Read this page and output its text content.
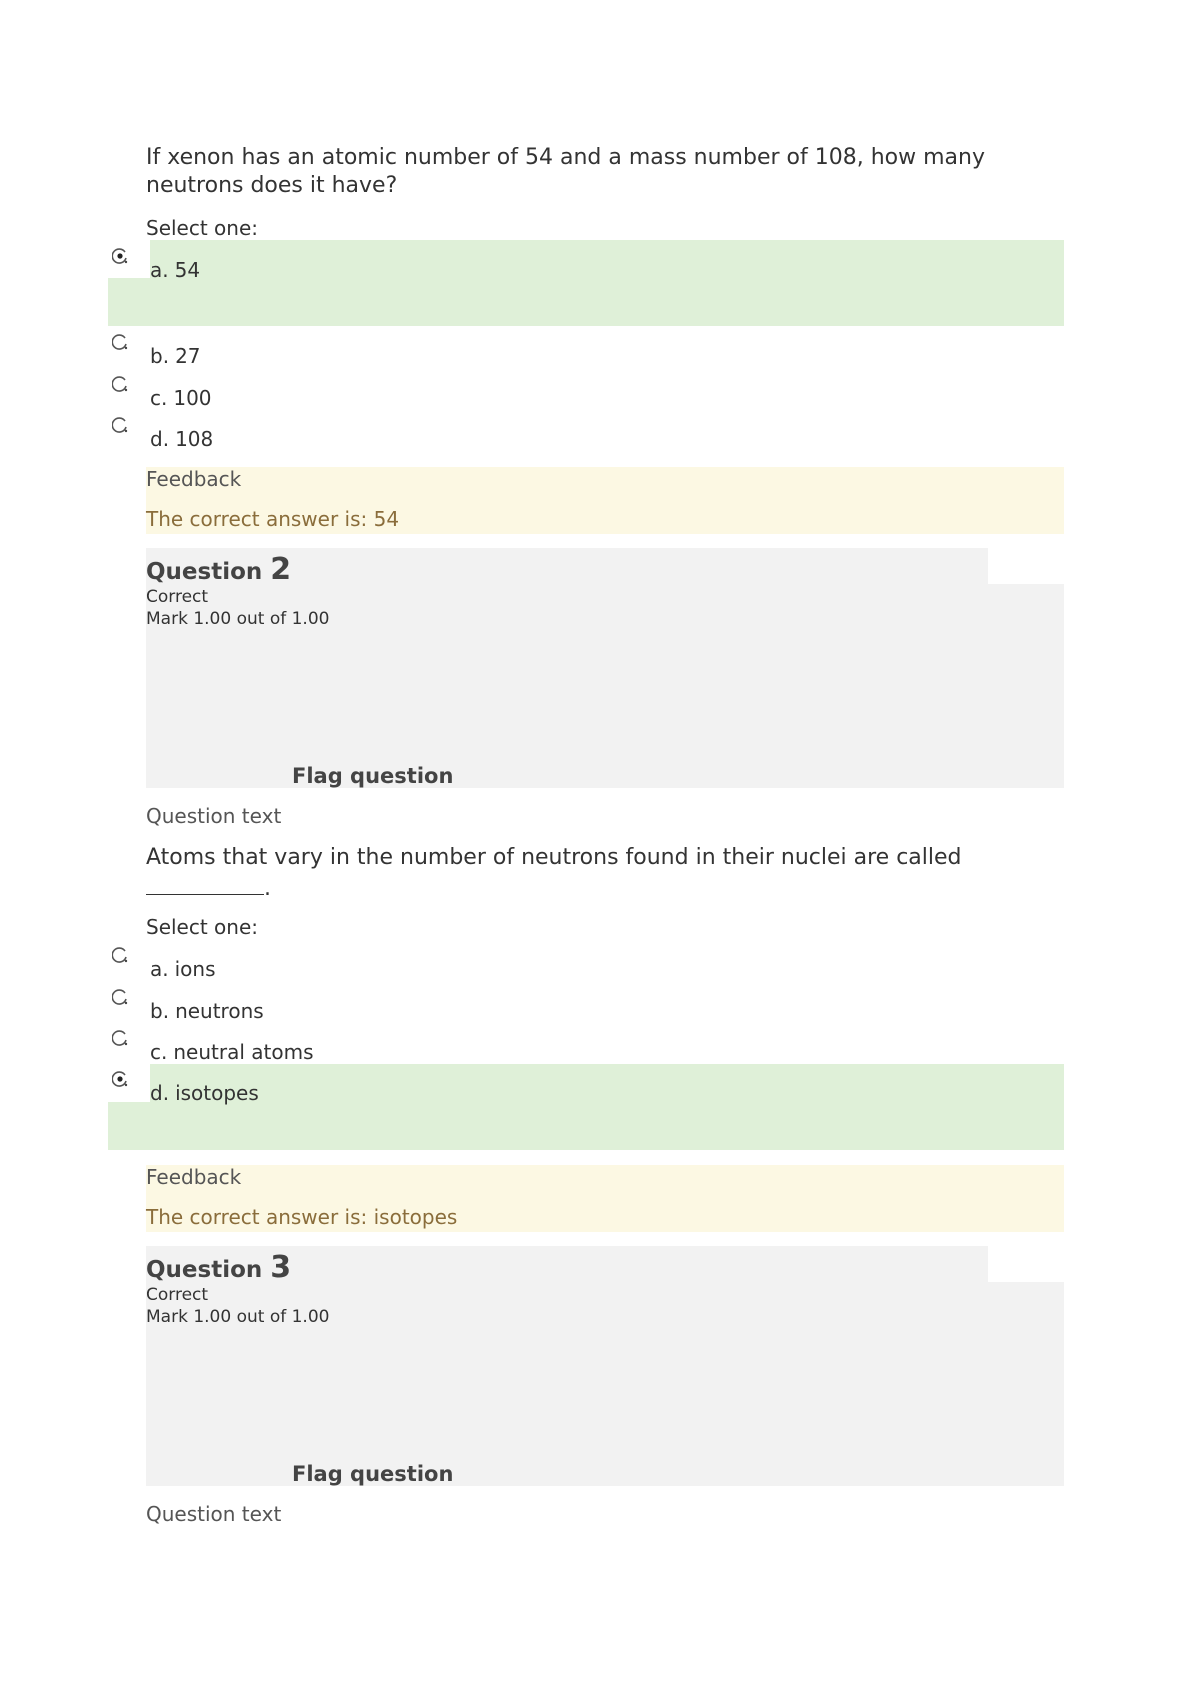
If xenon has an atomic number of 54 and a mass number of 108, how many neutrons does it have?
Select one:
a. 54
b. 27
c. 100
d. 108
Feedback
The correct answer is: 54
Question 2
Correct
Mark 1.00 out of 1.00
Flag question
Question text
Atoms that vary in the number of neutrons found in their nuclei are called
.
Select one:
a. ions
b. neutrons
c. neutral atoms
d. isotopes
Feedback
The correct answer is: isotopes
Question 3
Correct
Mark 1.00 out of 1.00
Flag question
Question text
